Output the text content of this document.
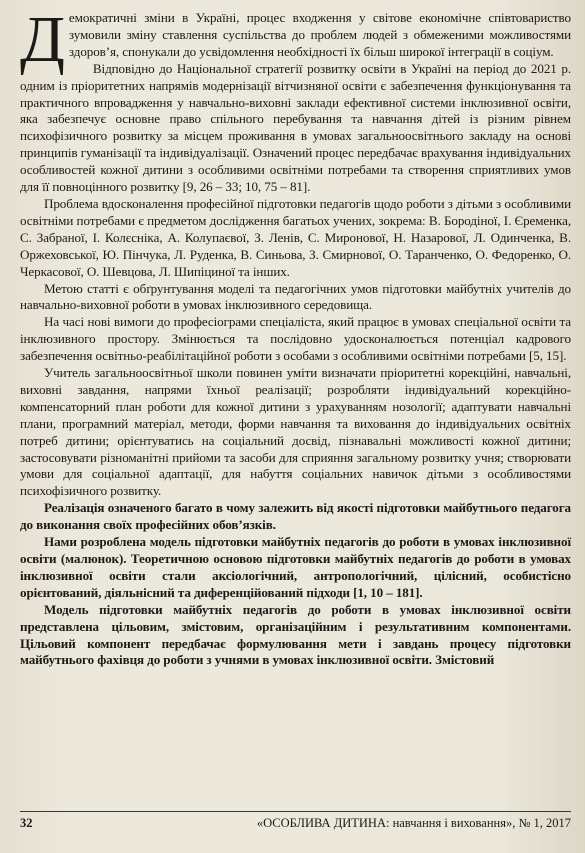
Демократичні зміни в Україні, процес входження у світове економічне співтовариство зумовили зміну ставлення суспільства до проблем людей з обмеженими можливостями здоров’я, спонукали до усвідомлення необхідності їх більш широкої інтеграції в соціум.

Відповідно до Національної стратегії розвитку освіти в Україні на період до 2021 р. одним із пріоритетних напрямів модернізації вітчизняної освіти є забезпечення функціонування та практичного впровадження у навчально-виховні заклади ефективної системи інклюзивної освіти, яка забезпечує основне право спільного перебування та навчання дітей із різним рівнем психофізичного розвитку за місцем проживання в умовах загальноосвітнього закладу на основі принципів гуманізації та індивідуалізації. Означений процес передбачає врахування індивідуальних особливостей кожної дитини з особливими освітніми потребами та створення сприятливих умов для її повноцінного розвитку [9, 26 – 33; 10, 75 – 81].

Проблема вдосконалення професійної підготовки педагогів щодо роботи з дітьми з особливими освітніми потребами є предметом дослідження багатьох учених, зокрема: В. Бородіної, І. Єременка, С. Забраної, І. Колєснікa, А. Колупаєвої, З. Ленів, С. Миронової, Н. Назарової, Л. Одинченка, В. Оржеховської, Ю. Пінчука, Л. Руденка, В. Синьова, З. Смирнової, О. Таранченко, О. Федоренко, О. Черкасової, О. Шевцова, Л. Шипіциної та інших.

Метою статті є обґрунтування моделі та педагогічних умов підготовки майбутніх учителів до навчально-виховної роботи в умовах інклюзивного середовища.

На часі нові вимоги до професіограми спеціаліста, який працює в умовах спеціальної освіти та інклюзивного простору. Змінюється та послідовно удосконалюється потенціал кадрового забезпечення освітньо-реабілітаційної роботи з особами з особливими освітніми потребами [5, 15].

Учитель загальноосвітньої школи повинен уміти визначати пріоритетні корекційні, навчальні, виховні завдання, напрями їхньої реалізації; розробляти індивідуальний корекційно-компенсаторний план роботи для кожної дитини з урахуванням нозології; адаптувати навчальні плани, програмний матеріал, методи, форми навчання та виховання до індивідуальних освітніх потреб дитини; орієнтуватись на соціальний досвід, пізнавальні можливості кожної дитини; застосовувати різноманітні прийоми та засоби для сприяння загальному розвитку учня; створювати умови для соціальної адаптації, для набуття соціальних навичок дітьми з особливостями психофізичного розвитку.

Реалізація означеного багато в чому залежить від якості підготовки майбутнього педагога до виконання своїх професійних обов’язків.

Нами розроблена модель підготовки майбутніх педагогів до роботи в умовах інклюзивної освіти (малюнок). Теоретичною основою підготовки майбутніх педагогів до роботи в умовах інклюзивної освіти стали аксіологічний, антропологічний, цілісний, особистісно орієнтований, діяльнісний та диференційований підходи [1, 10 – 181].

Модель підготовки майбутніх педагогів до роботи в умовах інклюзивної освіти представлена цільовим, змістовим, організаційним і результативним компонентами. Цільовий компонент передбачає формулювання мети і завдань процесу підготовки майбутнього фахівця до роботи з учнями в умовах інклюзивної освіти. Змістовий

32	«ОСОБЛИВА ДИТИНА: навчання і виховання», № 1, 2017
